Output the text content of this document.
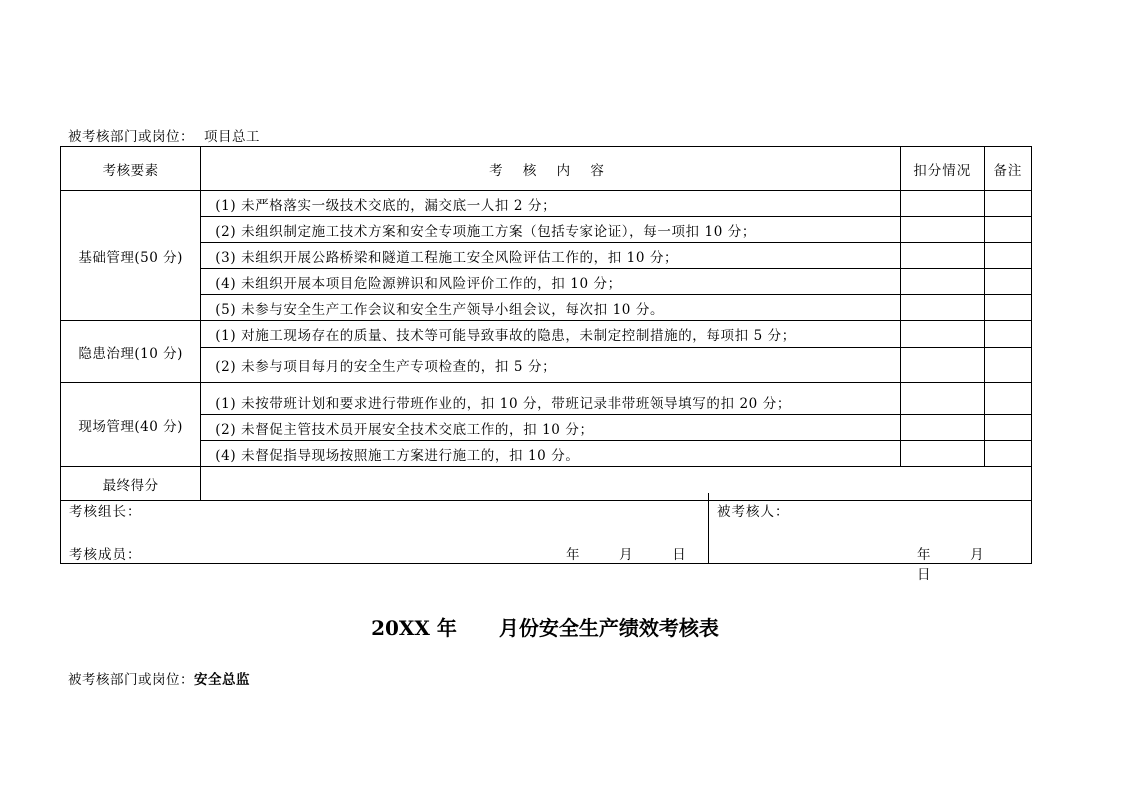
被考核部门或岗位： 项目总工
考核要素	考 核 内 容	扣分情况	备注
基础管理(50 分)	(1) 未严格落实一级技术交底的，漏交底一人扣 2 分；		
	(2) 未组织制定施工技术方案和安全专项施工方案（包括专家论证），每一项扣 10 分；		
	(3) 未组织开展公路桥梁和隧道工程施工安全风险评估工作的，扣 10 分；		
	(4) 未组织开展本项目危险源辨识和风险评价工作的，扣 10 分；		
	(5) 未参与安全生产工作会议和安全生产领导小组会议，每次扣 10 分。		
隐患治理(10 分)	(1) 对施工现场存在的质量、技术等可能导致事故的隐患，未制定控制措施的，每项扣 5 分；		
	(2) 未参与项目每月的安全生产专项检查的，扣 5 分；		
现场管理(40 分)	(1) 未按带班计划和要求进行带班作业的，扣 10 分，带班记录非带班领导填写的扣 20 分；		
	(2) 未督促主管技术员开展安全技术交底工作的，扣 10 分；		
	(4) 未督促指导现场按照施工方案进行施工的，扣 10 分。		
最终得分			
考核组长：
考核成员：	年	月	日

被考核人：
年	月  日
20XX 年 月份安全生产绩效考核表
被考核部门或岗位：安全总监
